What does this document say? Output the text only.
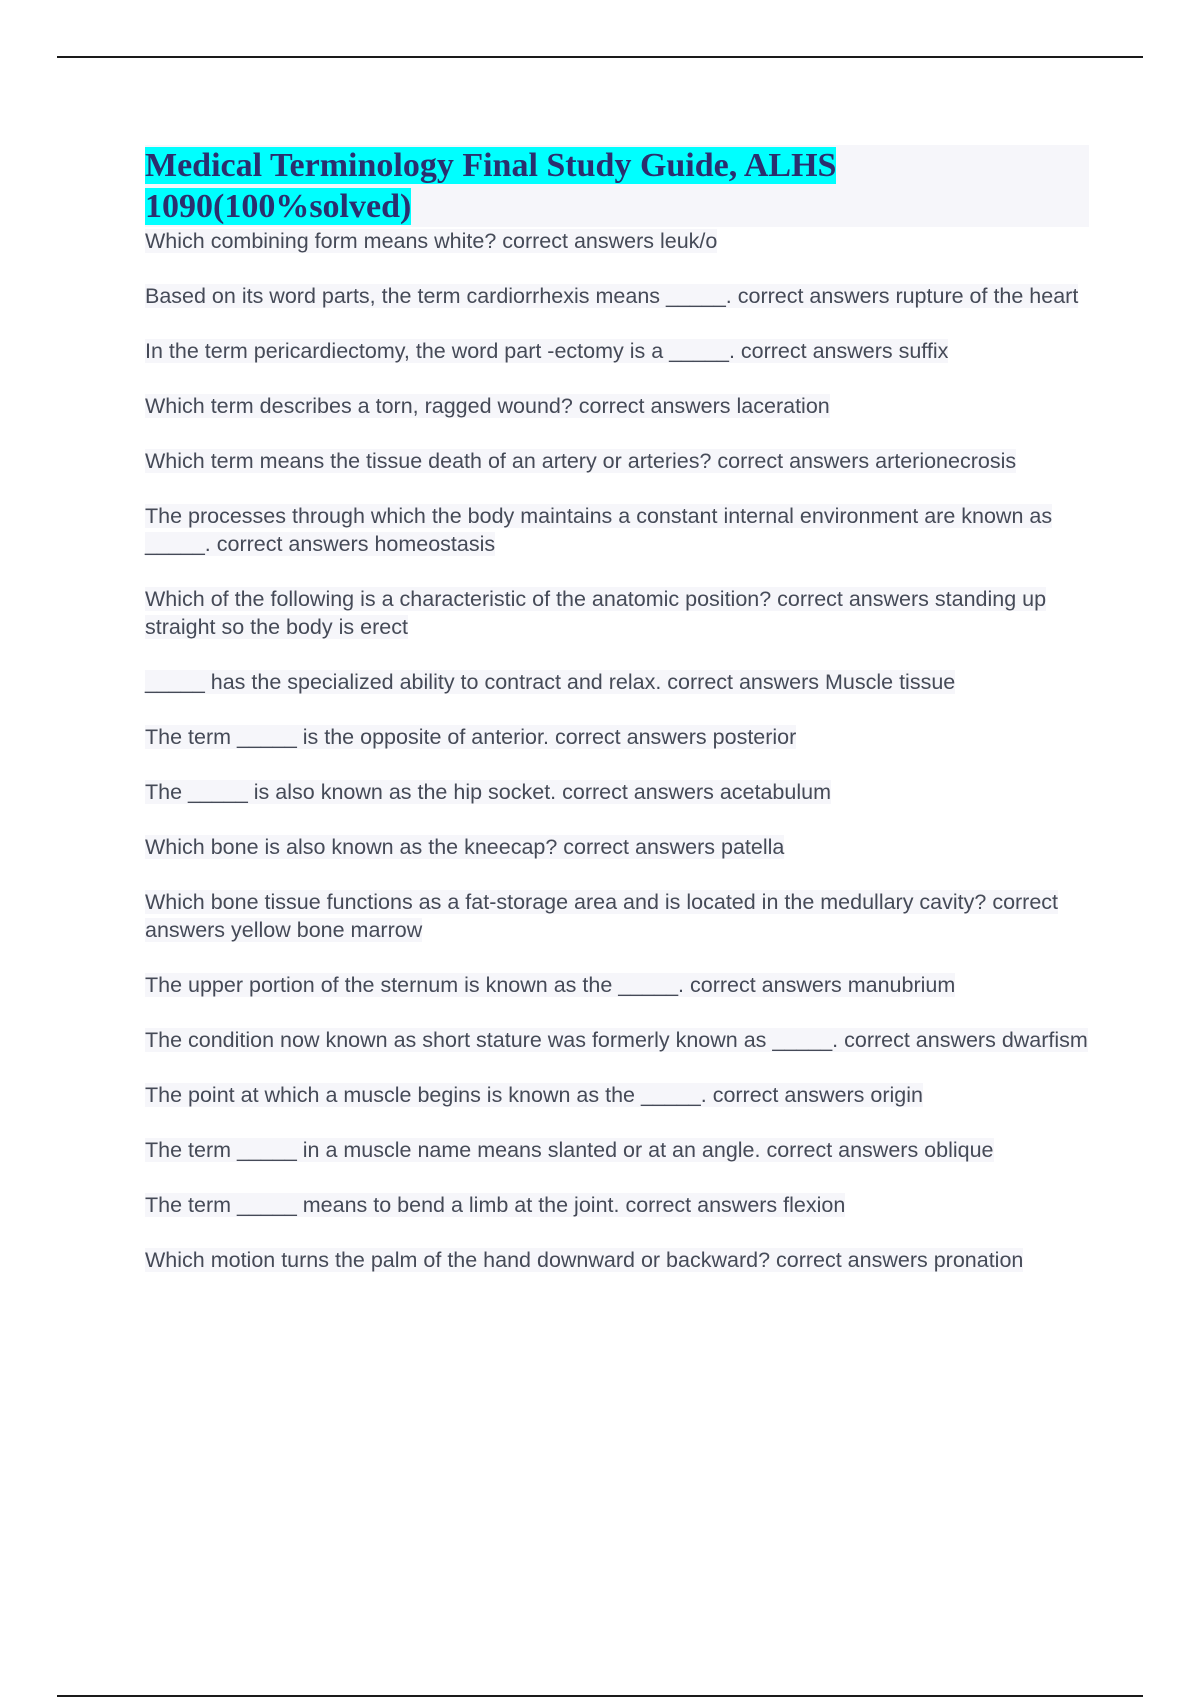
Medical Terminology Final Study Guide, ALHS 1090(100%solved)
Which combining form means white? correct answers leuk/o
Based on its word parts, the term cardiorrhexis means _____. correct answers rupture of the heart
In the term pericardiectomy, the word part -ectomy is a _____. correct answers suffix
Which term describes a torn, ragged wound? correct answers laceration
Which term means the tissue death of an artery or arteries? correct answers arterionecrosis
The processes through which the body maintains a constant internal environment are known as _____. correct answers homeostasis
Which of the following is a characteristic of the anatomic position? correct answers standing up straight so the body is erect
_____ has the specialized ability to contract and relax. correct answers Muscle tissue
The term _____ is the opposite of anterior. correct answers posterior
The _____ is also known as the hip socket. correct answers acetabulum
Which bone is also known as the kneecap? correct answers patella
Which bone tissue functions as a fat-storage area and is located in the medullary cavity? correct answers yellow bone marrow
The upper portion of the sternum is known as the _____. correct answers manubrium
The condition now known as short stature was formerly known as _____. correct answers dwarfism
The point at which a muscle begins is known as the _____. correct answers origin
The term _____ in a muscle name means slanted or at an angle. correct answers oblique
The term _____ means to bend a limb at the joint. correct answers flexion
Which motion turns the palm of the hand downward or backward? correct answers pronation
